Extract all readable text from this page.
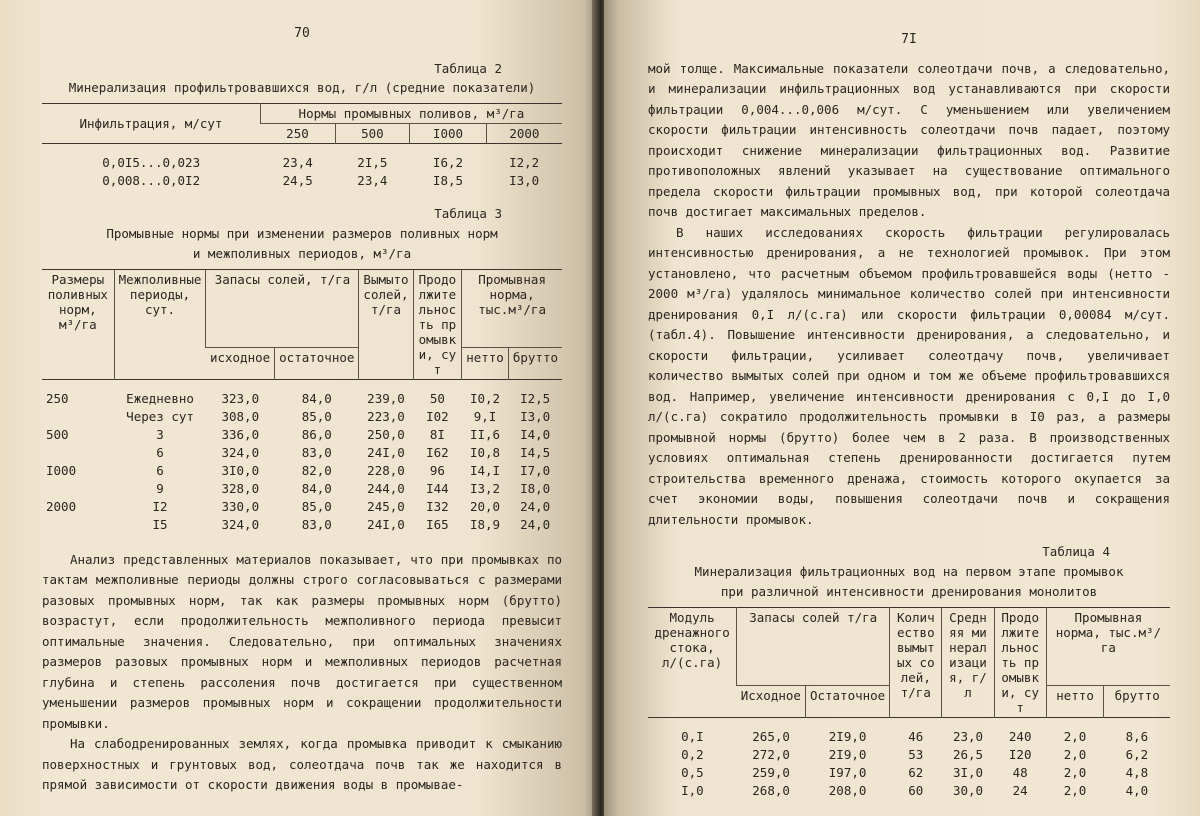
70
Таблица 2
Минерализация профильтровавшихся вод, г/л (средние показатели)
Инфильтрация, м/сут	Нормы промывных поливов, м³/га			
	250	500	I000	2000

0,0I5...0,023	23,4	2I,5	I6,2	I2,2
0,008...0,0I2	24,5	23,4	I8,5	I3,0
Таблица 3
Промывные нормы при изменении размеров поливных норм
и межполивных периодов, м³/га
Размеры поливных норм, м³/га	Межполивные периоды, сут.	Запасы солей, т/га		Вымыто солей, т/га	Продолжительность промывки, сут	Промывная норма, тыс.м³/га	
		исходное	остаточное			нетто	брутто

250	Ежедневно	323,0	84,0	239,0	50	I0,2	I2,5
	Через сут	308,0	85,0	223,0	I02	9,I	I3,0
500	3	336,0	86,0	250,0	8I	II,6	I4,0
	6	324,0	83,0	24I,0	I62	I0,8	I4,5
I000	6	3I0,0	82,0	228,0	96	I4,I	I7,0
	9	328,0	84,0	244,0	I44	I3,2	I8,0
2000	I2	330,0	85,0	245,0	I32	20,0	24,0
	I5	324,0	83,0	24I,0	I65	I8,9	24,0

Анализ представленных материалов показывает, что при промывках по тактам межполивные периоды должны строго согласовываться с размерами разовых промывных норм, так как размеры промывных норм (брутто) возрастут, если продолжительность межполивного периода превысит оптимальные значения. Следовательно, при оптимальных значениях размеров разовых промывных норм и межполивных периодов расчетная глубина и степень рассоления почв достигается при существенном уменьшении размеров промывных норм и сокращении продолжительности промывки.

На слабодренированных землях, когда промывка приводит к смыканию поверхностных и грунтовых вод, солеотдача почв так же находится в прямой зависимости от скорости движения воды в промывае-

7I

мой толще. Максимальные показатели солеотдачи почв, а следовательно, и минерализации инфильтрационных вод устанавливаются при скорости фильтрации 0,004...0,006 м/сут. С уменьшением или увеличением скорости фильтрации интенсивность солеотдачи почв падает, поэтому происходит снижение минерализации фильтрационных вод. Развитие противоположных явлений указывает на существование оптимального предела скорости фильтрации промывных вод, при которой солеотдача почв достигает максимальных пределов.

В наших исследованиях скорость фильтрации регулировалась интенсивностью дренирования, а не технологией промывок. При этом установлено, что расчетным объемом профильтровавшейся воды (нетто - 2000 м³/га) удалялось минимальное количество солей при интенсивности дренирования 0,I л/(с.га) или скорости фильтрации 0,00084 м/сут. (табл.4). Повышение интенсивности дренирования, а следовательно, и скорости фильтрации, усиливает солеотдачу почв, увеличивает количество вымытых солей при одном и том же объеме профильтровавшихся вод. Например, увеличение интенсивности дренирования с 0,I до I,0 л/(с.га) сократило продолжительность промывки в I0 раз, а размеры промывной нормы (брутто) более чем в 2 раза. В производственных условиях оптимальная степень дренированности достигается путем строительства временного дренажа, стоимость которого окупается за счет экономии воды, повышения солеотдачи почв и сокращения длительности промывок.

Таблица 4
Минерализация фильтрационных вод на первом этапе промывок
при различной интенсивности дренирования монолитов
Модуль дренажного стока, л/(с.га)	Запасы солей т/га		Количество вымытых солей, т/га	Средняя минерализация, г/л	Продолжительность промывки, сут	Промывная норма, тыс.м³/га	
	Исходное	Остаточное				нетто	брутто

0,I	265,0	2I9,0	46	23,0	240	2,0	8,6
0,2	272,0	2I9,0	53	26,5	I20	2,0	6,2
0,5	259,0	I97,0	62	3I,0	48	2,0	4,8
I,0	268,0	208,0	60	30,0	24	2,0	4,0
